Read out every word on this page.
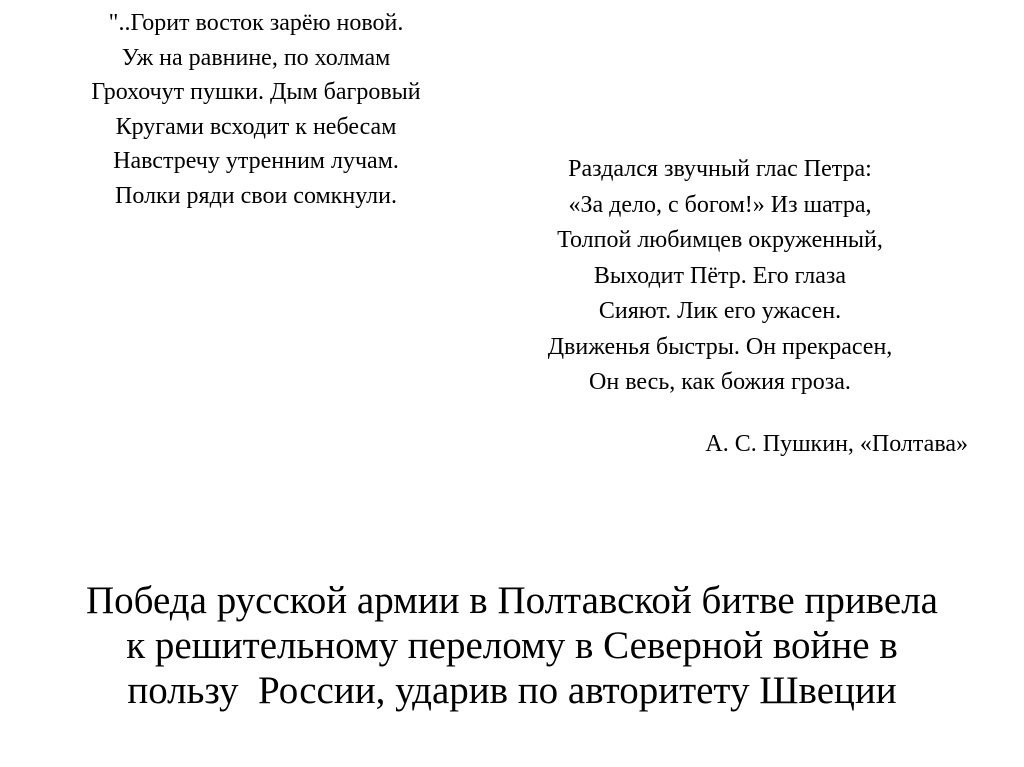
"..Горит восток зарёю новой.
Уж на равнине, по холмам
Грохочут пушки. Дым багровый
Кругами всходит к небесам
Навстречу утренним лучам.
Полки ряди свои сомкнули.
Раздался звучный глас Петра:
«За дело, с богом!» Из шатра,
Толпой любимцев окруженный,
Выходит Пётр. Его глаза
Сияют. Лик его ужасен.
Движенья быстры. Он прекрасен,
Он весь, как божия гроза.
А. С. Пушкин, «Полтава»
Победа русской армии в Полтавской битве привела
к решительному перелому в Северной войне в
пользу  России, ударив по авторитету Швеции
